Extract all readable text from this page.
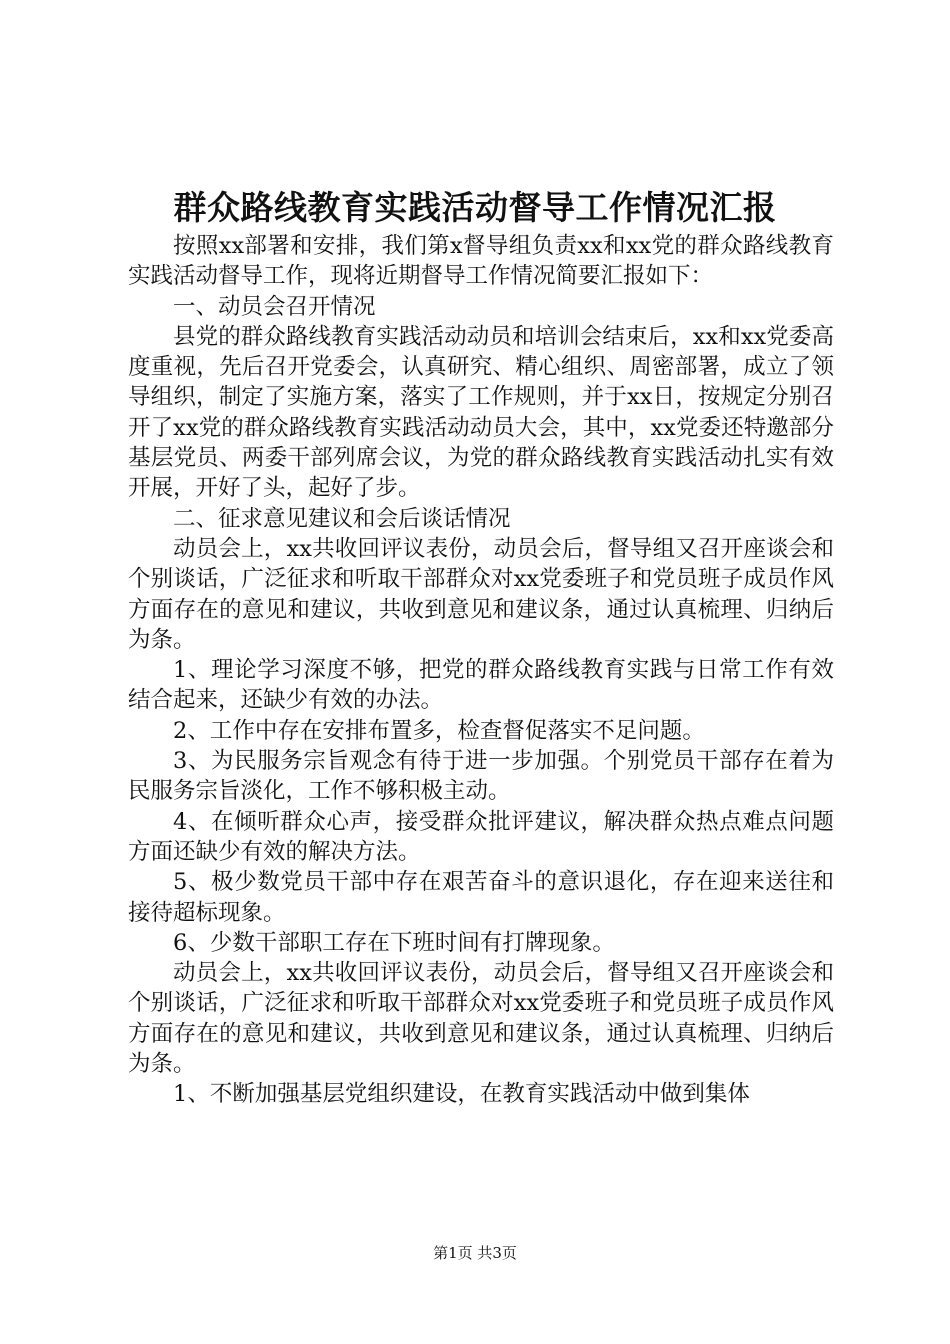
群众路线教育实践活动督导工作情况汇报

按照xx部署和安排，我们第x督导组负责xx和xx党的群众路线教育实践活动督导工作，现将近期督导工作情况简要汇报如下：

一、动员会召开情况

县党的群众路线教育实践活动动员和培训会结束后，xx和xx党委高度重视，先后召开党委会，认真研究、精心组织、周密部署，成立了领导组织，制定了实施方案，落实了工作规则，并于xx日，按规定分别召开了xx党的群众路线教育实践活动动员大会，其中，xx党委还特邀部分基层党员、两委干部列席会议，为党的群众路线教育实践活动扎实有效开展，开好了头，起好了步。

二、征求意见建议和会后谈话情况

动员会上，xx共收回评议表份，动员会后，督导组又召开座谈会和个别谈话，广泛征求和听取干部群众对xx党委班子和党员班子成员作风方面存在的意见和建议，共收到意见和建议条，通过认真梳理、归纳后为条。

1、理论学习深度不够，把党的群众路线教育实践与日常工作有效结合起来，还缺少有效的办法。

2、工作中存在安排布置多，检查督促落实不足问题。

3、为民服务宗旨观念有待于进一步加强。个别党员干部存在着为民服务宗旨淡化，工作不够积极主动。

4、在倾听群众心声，接受群众批评建议，解决群众热点难点问题方面还缺少有效的解决方法。

5、极少数党员干部中存在艰苦奋斗的意识退化，存在迎来送往和接待超标现象。

6、少数干部职工存在下班时间有打牌现象。

动员会上，xx共收回评议表份，动员会后，督导组又召开座谈会和个别谈话，广泛征求和听取干部群众对xx党委班子和党员班子成员作风方面存在的意见和建议，共收到意见和建议条，通过认真梳理、归纳后为条。

1、不断加强基层党组织建设，在教育实践活动中做到集体

第1页 共3页
